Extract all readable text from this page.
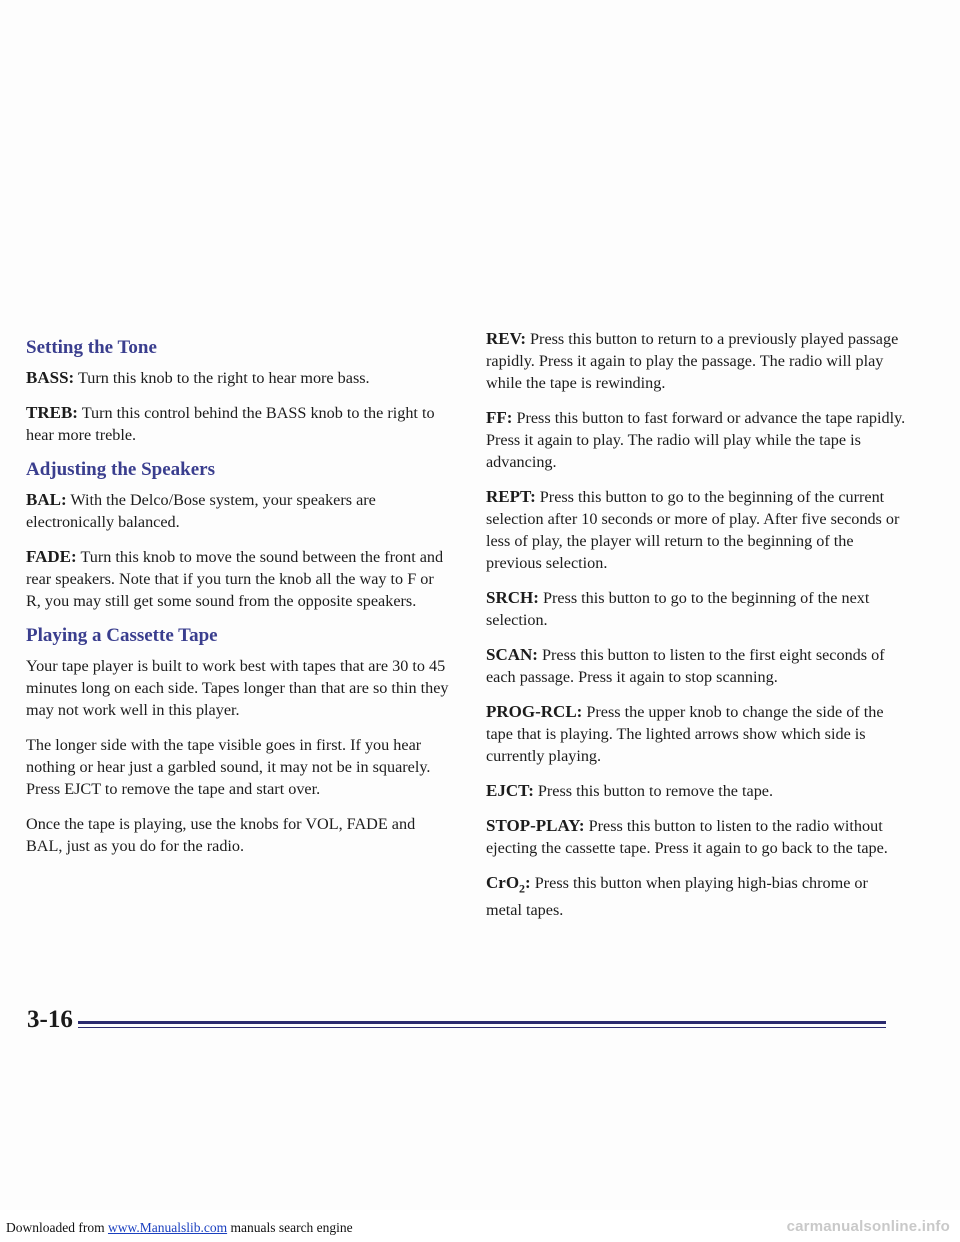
Setting the Tone

BASS: Turn this knob to the right to hear more bass.

TREB: Turn this control behind the BASS knob to the right to hear more treble.

Adjusting the Speakers

BAL: With the Delco/Bose system, your speakers are electronically balanced.

FADE: Turn this knob to move the sound between the front and rear speakers. Note that if you turn the knob all the way to F or R, you may still get some sound from the opposite speakers.

Playing a Cassette Tape

Your tape player is built to work best with tapes that are 30 to 45 minutes long on each side. Tapes longer than that are so thin they may not work well in this player.

The longer side with the tape visible goes in first. If you hear nothing or hear just a garbled sound, it may not be in squarely. Press EJCT to remove the tape and start over.

Once the tape is playing, use the knobs for VOL, FADE and BAL, just as you do for the radio.

REV: Press this button to return to a previously played passage rapidly. Press it again to play the passage. The radio will play while the tape is rewinding.

FF: Press this button to fast forward or advance the tape rapidly. Press it again to play. The radio will play while the tape is advancing.

REPT: Press this button to go to the beginning of the current selection after 10 seconds or more of play. After five seconds or less of play, the player will return to the beginning of the previous selection.

SRCH: Press this button to go to the beginning of the next selection.

SCAN: Press this button to listen to the first eight seconds of each passage. Press it again to stop scanning.

PROG-RCL: Press the upper knob to change the side of the tape that is playing. The lighted arrows show which side is currently playing.

EJCT: Press this button to remove the tape.

STOP-PLAY: Press this button to listen to the radio without ejecting the cassette tape. Press it again to go back to the tape.

CrO$_2$: Press this button when playing high-bias chrome or metal tapes.

3-16
Downloaded from www.Manualslib.com manuals search engine	carmanualsonline.info
